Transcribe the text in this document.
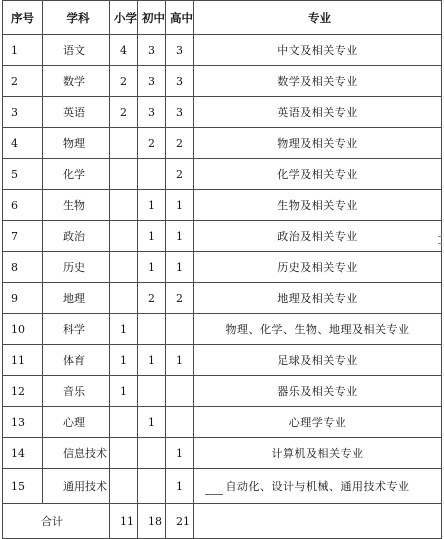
序号	学科	小学	初中	高中	专业
1	语文	4	3	3	中文及相关专业
2	数学	2	3	3	数学及相关专业
3	英语	2	3	3	英语及相关专业
4	物理		2	2	物理及相关专业
5	化学			2	化学及相关专业
6	生物		1	1	生物及相关专业
7	政治		1	1	政治及相关专业
8	历史		1	1	历史及相关专业
9	地理		2	2	地理及相关专业
10	科学	1			物理、化学、生物、地理及相关专业
11	体育	1	1	1	足球及相关专业
12	音乐	1			器乐及相关专业
13	心理		1		心理学专业
14	信息技术			1	计算机及相关专业
15	通用技术			1	自动化、设计与机械、通用技术专业
合计		11	18	21	
